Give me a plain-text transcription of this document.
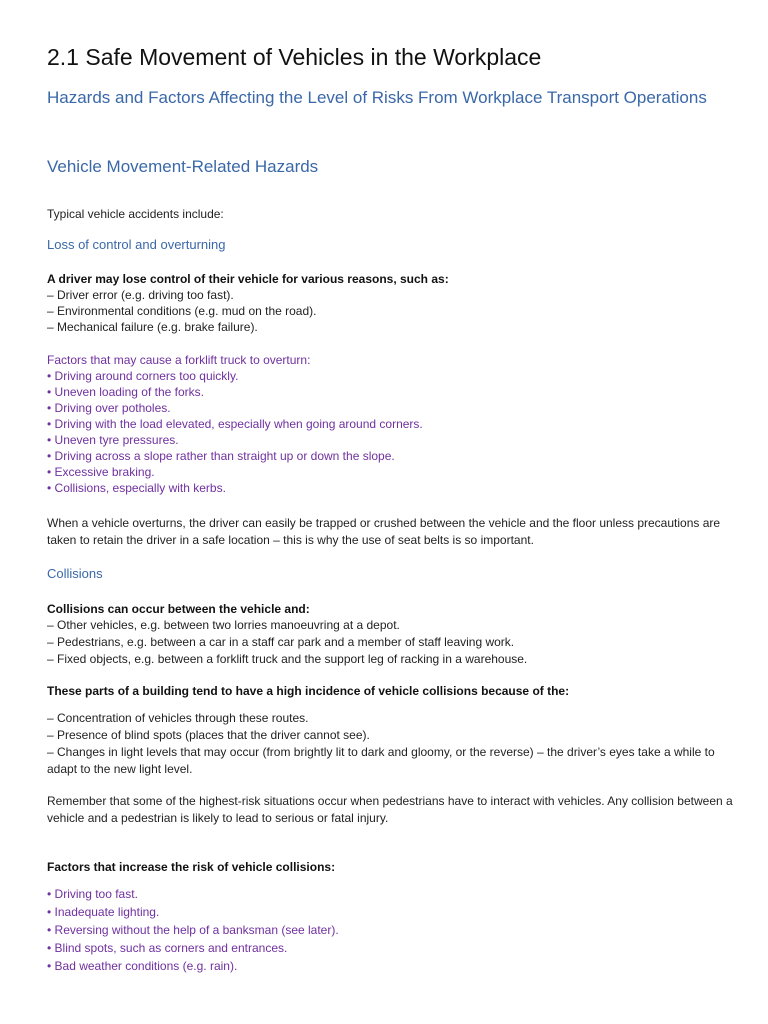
2.1 Safe Movement of Vehicles in the Workplace
Hazards and Factors Affecting the Level of Risks From Workplace Transport Operations
Vehicle Movement-Related Hazards
Typical vehicle accidents include:
Loss of control and overturning
A driver may lose control of their vehicle for various reasons, such as:
– Driver error (e.g. driving too fast).
– Environmental conditions (e.g. mud on the road).
– Mechanical failure (e.g. brake failure).
Factors that may cause a forklift truck to overturn:
• Driving around corners too quickly.
• Uneven loading of the forks.
• Driving over potholes.
• Driving with the load elevated, especially when going around corners.
• Uneven tyre pressures.
• Driving across a slope rather than straight up or down the slope.
• Excessive braking.
• Collisions, especially with kerbs.
When a vehicle overturns, the driver can easily be trapped or crushed between the vehicle and the floor unless precautions are taken to retain the driver in a safe location – this is why the use of seat belts is so important.
Collisions
Collisions can occur between the vehicle and:
– Other vehicles, e.g. between two lorries manoeuvring at a depot.
– Pedestrians, e.g. between a car in a staff car park and a member of staff leaving work.
– Fixed objects, e.g. between a forklift truck and the support leg of racking in a warehouse.
These parts of a building tend to have a high incidence of vehicle collisions because of the:
– Concentration of vehicles through these routes.
– Presence of blind spots (places that the driver cannot see).
– Changes in light levels that may occur (from brightly lit to dark and gloomy, or the reverse) – the driver’s eyes take a while to adapt to the new light level.
Remember that some of the highest-risk situations occur when pedestrians have to interact with vehicles. Any collision between a vehicle and a pedestrian is likely to lead to serious or fatal injury.
Factors that increase the risk of vehicle collisions:
• Driving too fast.
• Inadequate lighting.
• Reversing without the help of a banksman (see later).
• Blind spots, such as corners and entrances.
• Bad weather conditions (e.g. rain).
